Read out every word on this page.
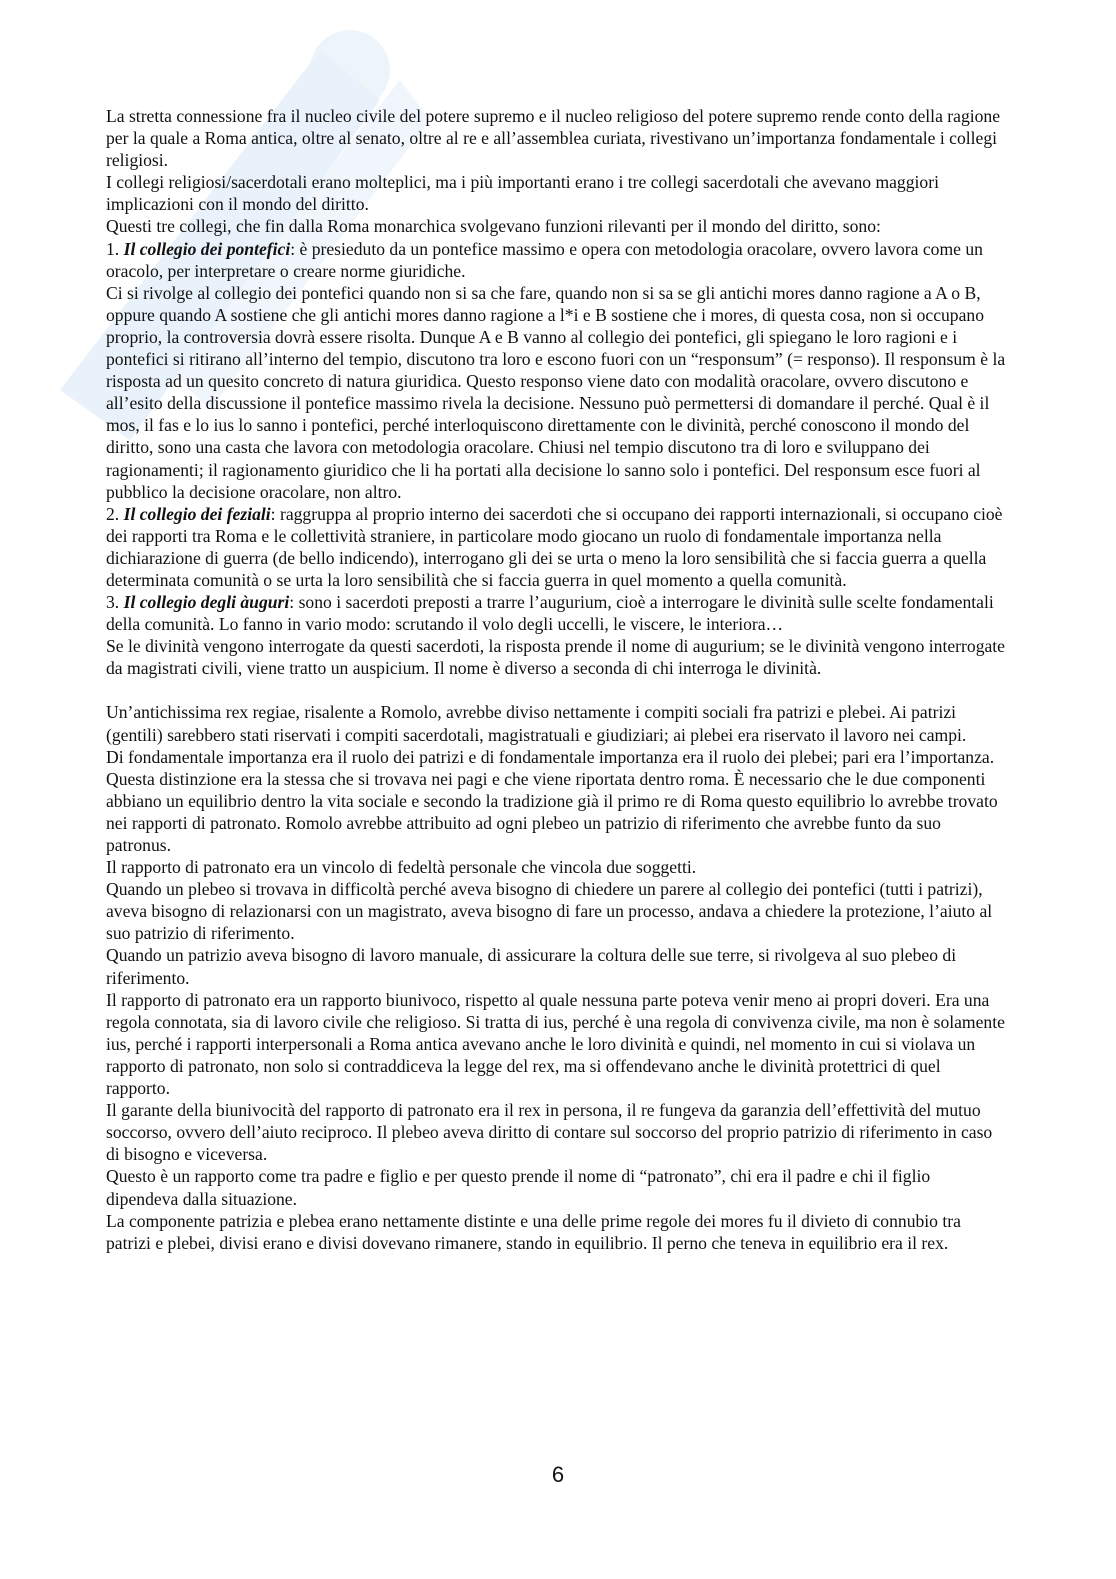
La stretta connessione fra il nucleo civile del potere supremo e il nucleo religioso del potere supremo rende conto della ragione per la quale a Roma antica, oltre al senato, oltre al re e all’assemblea curiata, rivestivano un’importanza fondamentale i collegi religiosi.

I collegi religiosi/sacerdotali erano molteplici, ma i più importanti erano i tre collegi sacerdotali che avevano maggiori implicazioni con il mondo del diritto.

Questi tre collegi, che fin dalla Roma monarchica svolgevano funzioni rilevanti per il mondo del diritto, sono:

1. Il collegio dei pontefici: è presieduto da un pontefice massimo e opera con metodologia oracolare, ovvero lavora come un oracolo, per interpretare o creare norme giuridiche.

Ci si rivolge al collegio dei pontefici quando non si sa che fare, quando non si sa se gli antichi mores danno ragione a A o B, oppure quando A sostiene che gli antichi mores danno ragione a l*i e B sostiene che i mores, di questa cosa, non si occupano proprio, la controversia dovrà essere risolta. Dunque A e B vanno al collegio dei pontefici, gli spiegano le loro ragioni e i pontefici si ritirano all’interno del tempio, discutono tra loro e escono fuori con un “responsum” (= responso). Il responsum è la risposta ad un quesito concreto di natura giuridica. Questo responso viene dato con modalità oracolare, ovvero discutono e all’esito della discussione il pontefice massimo rivela la decisione. Nessuno può permettersi di domandare il perché. Qual è il mos, il fas e lo ius lo sanno i pontefici, perché interloquiscono direttamente con le divinità, perché conoscono il mondo del diritto, sono una casta che lavora con metodologia oracolare. Chiusi nel tempio discutono tra di loro e sviluppano dei ragionamenti; il ragionamento giuridico che li ha portati alla decisione lo sanno solo i pontefici. Del responsum esce fuori al pubblico la decisione oracolare, non altro.

2. Il collegio dei feziali: raggruppa al proprio interno dei sacerdoti che si occupano dei rapporti internazionali, si occupano cioè dei rapporti tra Roma e le collettività straniere, in particolare modo giocano un ruolo di fondamentale importanza nella dichiarazione di guerra (de bello indicendo), interrogano gli dei se urta o meno la loro sensibilità che si faccia guerra a quella determinata comunità o se urta la loro sensibilità che si faccia guerra in quel momento a quella comunità.

3. Il collegio degli àuguri: sono i sacerdoti preposti a trarre l’augurium, cioè a interrogare le divinità sulle scelte fondamentali della comunità. Lo fanno in vario modo: scrutando il volo degli uccelli, le viscere, le interiora…

Se le divinità vengono interrogate da questi sacerdoti, la risposta prende il nome di augurium; se le divinità vengono interrogate da magistrati civili, viene tratto un auspicium. Il nome è diverso a seconda di chi interroga le divinità.

Un’antichissima rex regiae, risalente a Romolo, avrebbe diviso nettamente i compiti sociali fra patrizi e plebei. Ai patrizi (gentili) sarebbero stati riservati i compiti sacerdotali, magistratuali e giudiziari; ai plebei era riservato il lavoro nei campi.

Di fondamentale importanza era il ruolo dei patrizi e di fondamentale importanza era il ruolo dei plebei; pari era l’importanza.

Questa distinzione era la stessa che si trovava nei pagi e che viene riportata dentro roma. È necessario che le due componenti abbiano un equilibrio dentro la vita sociale e secondo la tradizione già il primo re di Roma questo equilibrio lo avrebbe trovato nei rapporti di patronato. Romolo avrebbe attribuito ad ogni plebeo un patrizio di riferimento che avrebbe funto da suo patronus.

Il rapporto di patronato era un vincolo di fedeltà personale che vincola due soggetti.

Quando un plebeo si trovava in difficoltà perché aveva bisogno di chiedere un parere al collegio dei pontefici (tutti i patrizi), aveva bisogno di relazionarsi con un magistrato, aveva bisogno di fare un processo, andava a chiedere la protezione, l’aiuto al suo patrizio di riferimento.

Quando un patrizio aveva bisogno di lavoro manuale, di assicurare la coltura delle sue terre, si rivolgeva al suo plebeo di riferimento.

Il rapporto di patronato era un rapporto biunivoco, rispetto al quale nessuna parte poteva venir meno ai propri doveri. Era una regola connotata, sia di lavoro civile che religioso. Si tratta di ius, perché è una regola di convivenza civile, ma non è solamente ius, perché i rapporti interpersonali a Roma antica avevano anche le loro divinità e quindi, nel momento in cui si violava un rapporto di patronato, non solo si contraddiceva la legge del rex, ma si offendevano anche le divinità protettrici di quel rapporto.

Il garante della biunivocità del rapporto di patronato era il rex in persona, il re fungeva da garanzia dell’effettività del mutuo soccorso, ovvero dell’aiuto reciproco. Il plebeo aveva diritto di contare sul soccorso del proprio patrizio di riferimento in caso di bisogno e viceversa.

Questo è un rapporto come tra padre e figlio e per questo prende il nome di “patronato”, chi era il padre e chi il figlio dipendeva dalla situazione.

La componente patrizia e plebea erano nettamente distinte e una delle prime regole dei mores fu il divieto di connubio tra patrizi e plebei, divisi erano e divisi dovevano rimanere, stando in equilibrio. Il perno che teneva in equilibrio era il rex.

6
